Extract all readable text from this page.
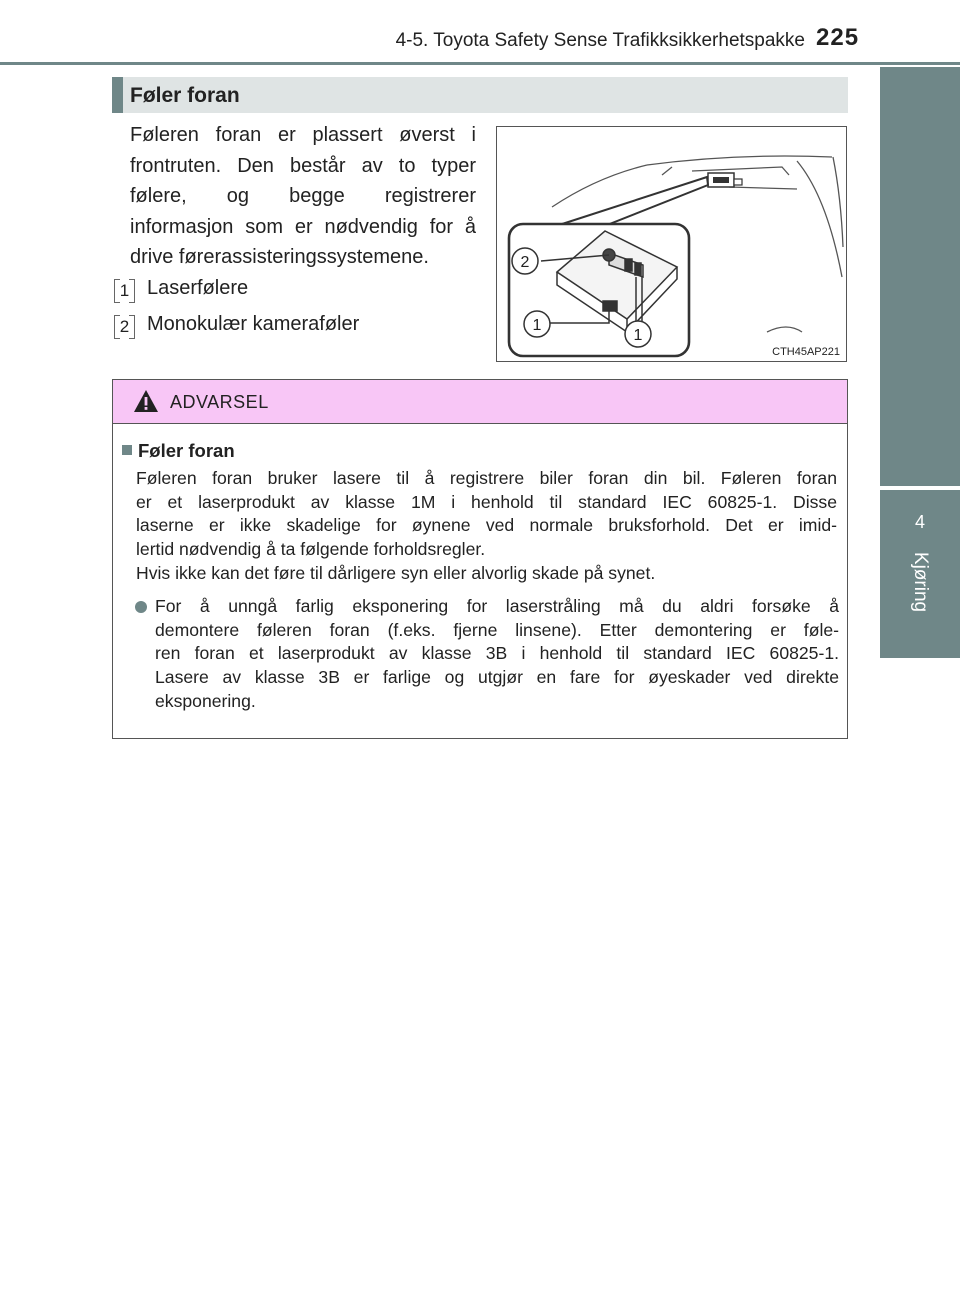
4-5. Toyota Safety Sense Trafikksikkerhetspakke 225
4
Kjøring
Føler foran
Føleren foran er plassert øverst i frontruten. Den består av to typer følere, og begge registrerer informasjon som er nødvendig for å drive førerassisteringssystemene.
1 Laserfølere
2 Monokulær kameraføler
2
1
1
CTH45AP221
ADVARSEL
Føler foran
Føleren foran bruker lasere til å registrere biler foran din bil. Føleren foran
er et laserprodukt av klasse 1M i henhold til standard IEC 60825-1. Disse
laserne er ikke skadelige for øynene ved normale bruksforhold. Det er imid-
lertid nødvendig å ta følgende forholdsregler.
Hvis ikke kan det føre til dårligere syn eller alvorlig skade på synet.
For å unngå farlig eksponering for laserstråling må du aldri forsøke å
demontere føleren foran (f.eks. fjerne linsene). Etter demontering er føle-
ren foran et laserprodukt av klasse 3B i henhold til standard IEC 60825-1.
Lasere av klasse 3B er farlige og utgjør en fare for øyeskader ved direkte
eksponering.
